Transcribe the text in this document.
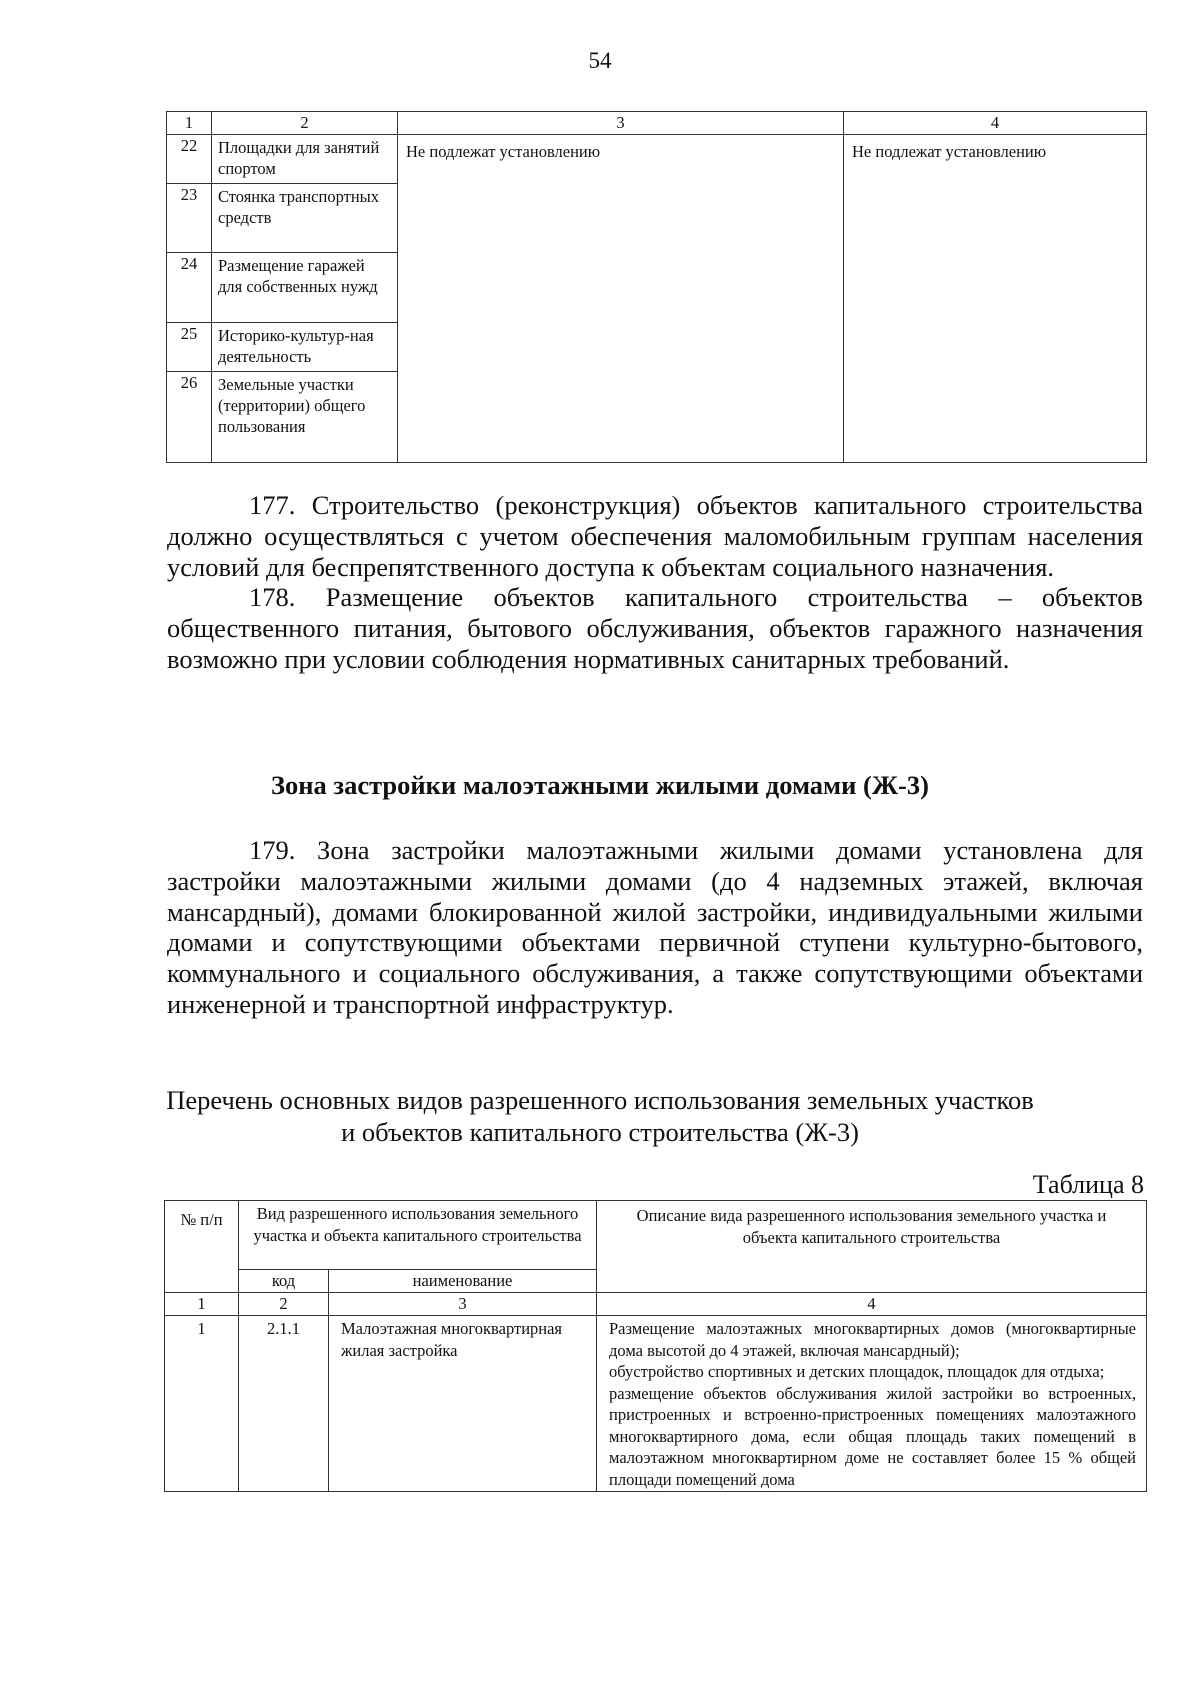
54
1	2	3	4
22	Площадки для занятий спортом	Не подлежат установлению	Не подлежат установлению
23	Стоянка транспортных средств		
24	Размещение гаражей для собственных нужд		
25	Историко-культур-ная деятельность		
26	Земельные участки (территории) общего пользования		

177. Строительство (реконструкция) объектов капитального строительства должно осуществляться с учетом обеспечения маломобильным группам населения условий для беспрепятственного доступа к объектам социального назначения.

178. Размещение объектов капитального строительства – объектов общественного питания, бытового обслуживания, объектов гаражного назначения возможно при условии соблюдения нормативных санитарных требований.

Зона застройки малоэтажными жилыми домами (Ж-3)

179. Зона застройки малоэтажными жилыми домами установлена для застройки малоэтажными жилыми домами (до 4 надземных этажей, включая мансардный), домами блокированной жилой застройки, индивидуальными жилыми домами и сопутствующими объектами первичной ступени культурно-бытового, коммунального и социального обслуживания, а также сопутствующими объектами инженерной и транспортной инфраструктур.

Перечень основных видов разрешенного использования земельных участков
и объектов капитального строительства (Ж-3)
Таблица 8
№ п/п	Вид разрешенного использования земельного участка и объекта капитального строительства		Описание вида разрешенного использования земельного участка и объекта капитального строительства
	код	наименование	
1	2	3	4
1	2.1.1	Малоэтажная многоквартирная жилая застройка	Размещение малоэтажных многоквартирных домов (многоквартирные дома высотой до 4 этажей, включая мансардный);
обустройство спортивных и детских площадок, площадок для отдыха;
размещение объектов обслуживания жилой застройки во встроенных, пристроенных и встроенно-пристроенных помещениях малоэтажного многоквартирного дома, если общая площадь таких помещений в малоэтажном многоквартирном доме не составляет более 15 % общей площади помещений дома
